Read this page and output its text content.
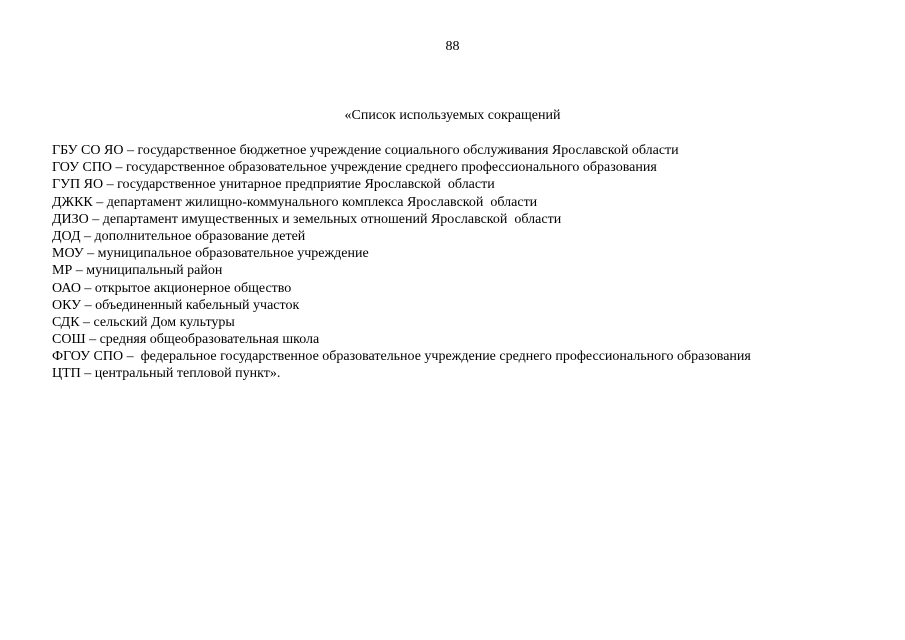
88
«Список используемых сокращений
ГБУ СО ЯО – государственное бюджетное учреждение социального обслуживания Ярославской области
ГОУ СПО – государственное образовательное учреждение среднего профессионального образования
ГУП ЯО – государственное унитарное предприятие Ярославской  области
ДЖКК – департамент жилищно-коммунального комплекса Ярославской  области
ДИЗО – департамент имущественных и земельных отношений Ярославской  области
ДОД – дополнительное образование детей
МОУ – муниципальное образовательное учреждение
МР – муниципальный район
ОАО – открытое акционерное общество
ОКУ – объединенный кабельный участок
СДК – сельский Дом культуры
СОШ – средняя общеобразовательная школа
ФГОУ СПО –  федеральное государственное образовательное учреждение среднего профессионального образования
ЦТП – центральный тепловой пункт».
